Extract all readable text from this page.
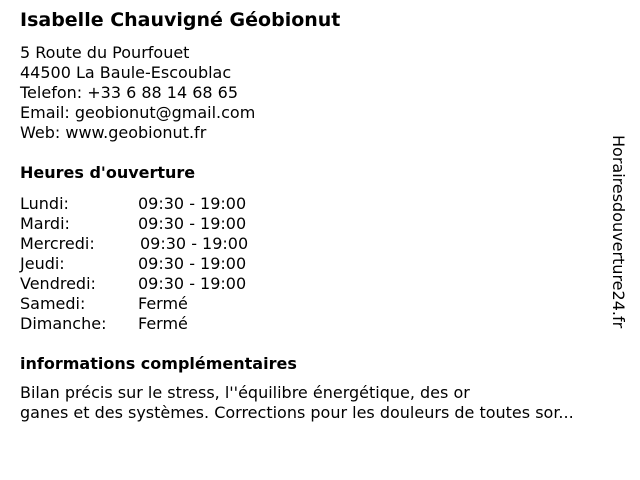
Isabelle Chauvigné Géobionut
5 Route du Pourfouet
44500 La Baule-Escoublac
Telefon: +33 6 88 14 68 65
Email: geobionut@gmail.com
Web: www.geobionut.fr
Heures d'ouverture
Lundi:	09:30 - 19:00
Mardi:	09:30 - 19:00
Mercredi:	09:30 - 19:00
Jeudi:	09:30 - 19:00
Vendredi:	09:30 - 19:00
Samedi:	Fermé
Dimanche: Fermé
informations complémentaires
Bilan précis sur le stress, l''équilibre énergétique, des or
ganes et des systèmes. Corrections pour les douleurs de toutes sor...
Horairesdouverture24.fr
